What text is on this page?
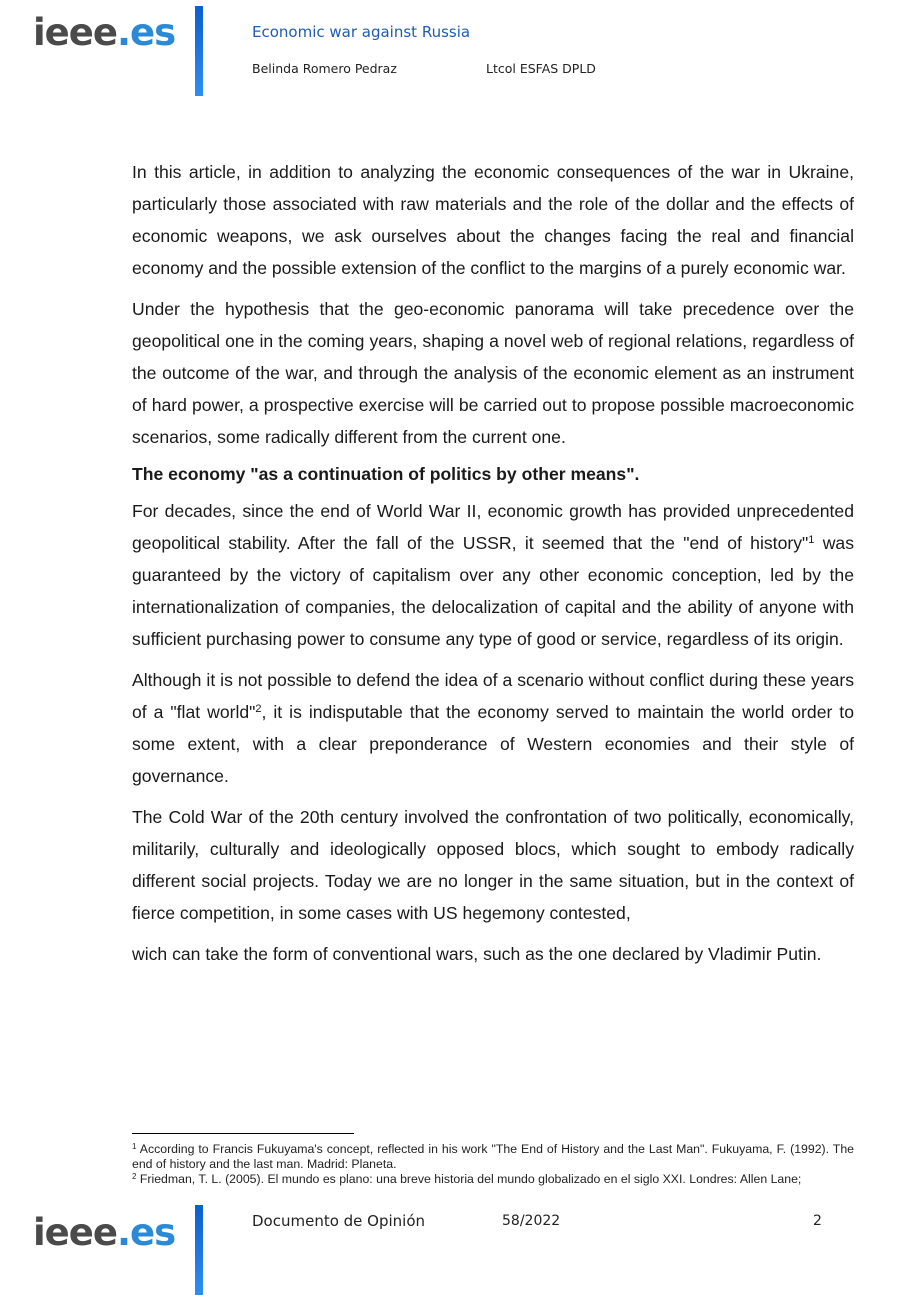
ieee.es	Economic war against Russia
Belinda Romero Pedraz	Ltcol ESFAS DPLD

In this article, in addition to analyzing the economic consequences of the war in Ukraine, particularly those associated with raw materials and the role of the dollar and the effects of economic weapons, we ask ourselves about the changes facing the real and financial economy and the possible extension of the conflict to the margins of a purely economic war.

Under the hypothesis that the geo-economic panorama will take precedence over the geopolitical one in the coming years, shaping a novel web of regional relations, regardless of the outcome of the war, and through the analysis of the economic element as an instrument of hard power, a prospective exercise will be carried out to propose possible macroeconomic scenarios, some radically different from the current one.

The economy "as a continuation of politics by other means".

For decades, since the end of World War II, economic growth has provided unprecedented geopolitical stability. After the fall of the USSR, it seemed that the "end of history"$^1$ was guaranteed by the victory of capitalism over any other economic conception, led by the internationalization of companies, the delocalization of capital and the ability of anyone with sufficient purchasing power to consume any type of good or service, regardless of its origin.

Although it is not possible to defend the idea of a scenario without conflict during these years of a "flat world"$^2$, it is indisputable that the economy served to maintain the world order to some extent, with a clear preponderance of Western economies and their style of governance.

The Cold War of the 20th century involved the confrontation of two politically, economically, militarily, culturally and ideologically opposed blocs, which sought to embody radically different social projects. Today we are no longer in the same situation, but in the context of fierce competition, in some cases with US hegemony contested,

wich can take the form of conventional wars, such as the one declared by Vladimir Putin.

$^1$ According to Francis Fukuyama's concept, reflected in his work "The End of History and the Last Man". Fukuyama, F. (1992). The end of history and the last man. Madrid: Planeta.

$^2$ Friedman, T. L. (2005). El mundo es plano: una breve historia del mundo globalizado en el siglo XXI. Londres: Allen Lane;

ieee.es	Documento de Opinión	58/2022	2
